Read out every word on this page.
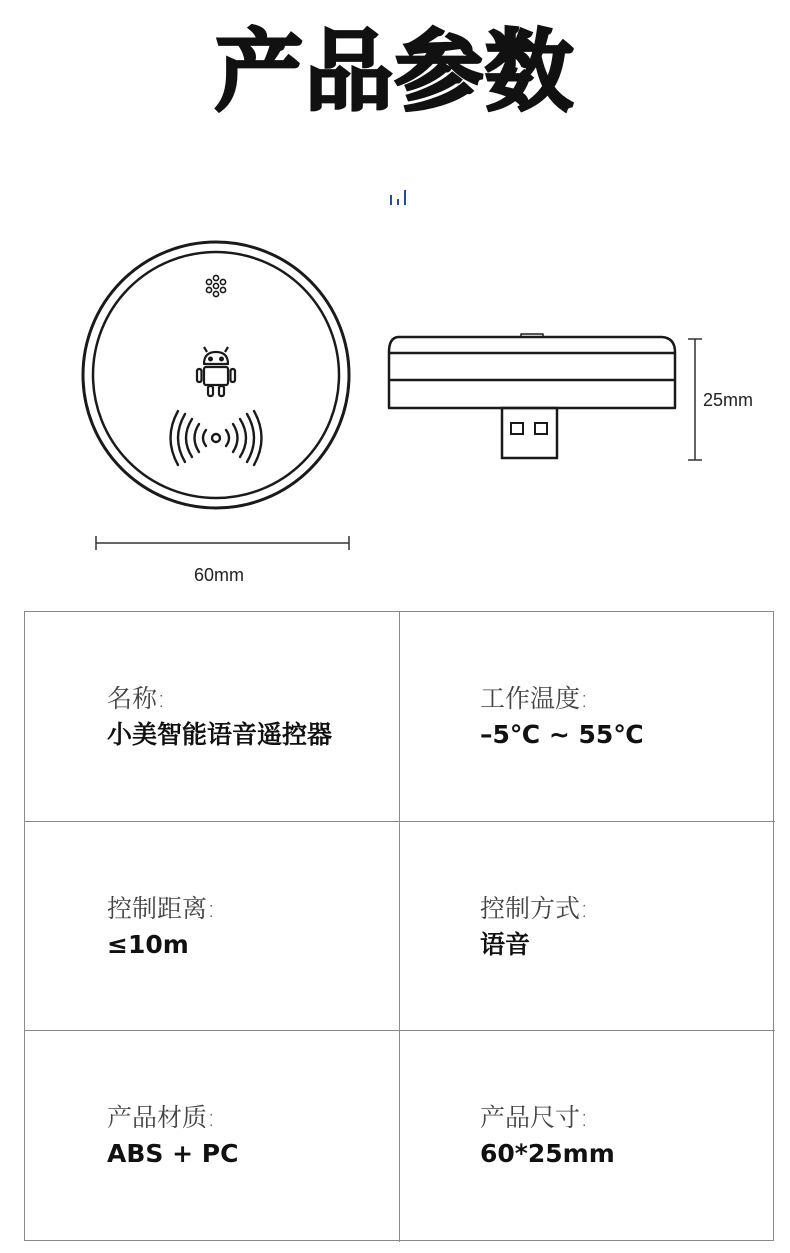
产品参数
60mm
25mm
名称:
小美智能语音遥控器
工作温度:
–5℃ ~ 55℃
控制距离:
≤10m
控制方式:
语音
产品材质:
ABS + PC
产品尺寸:
60*25mm
